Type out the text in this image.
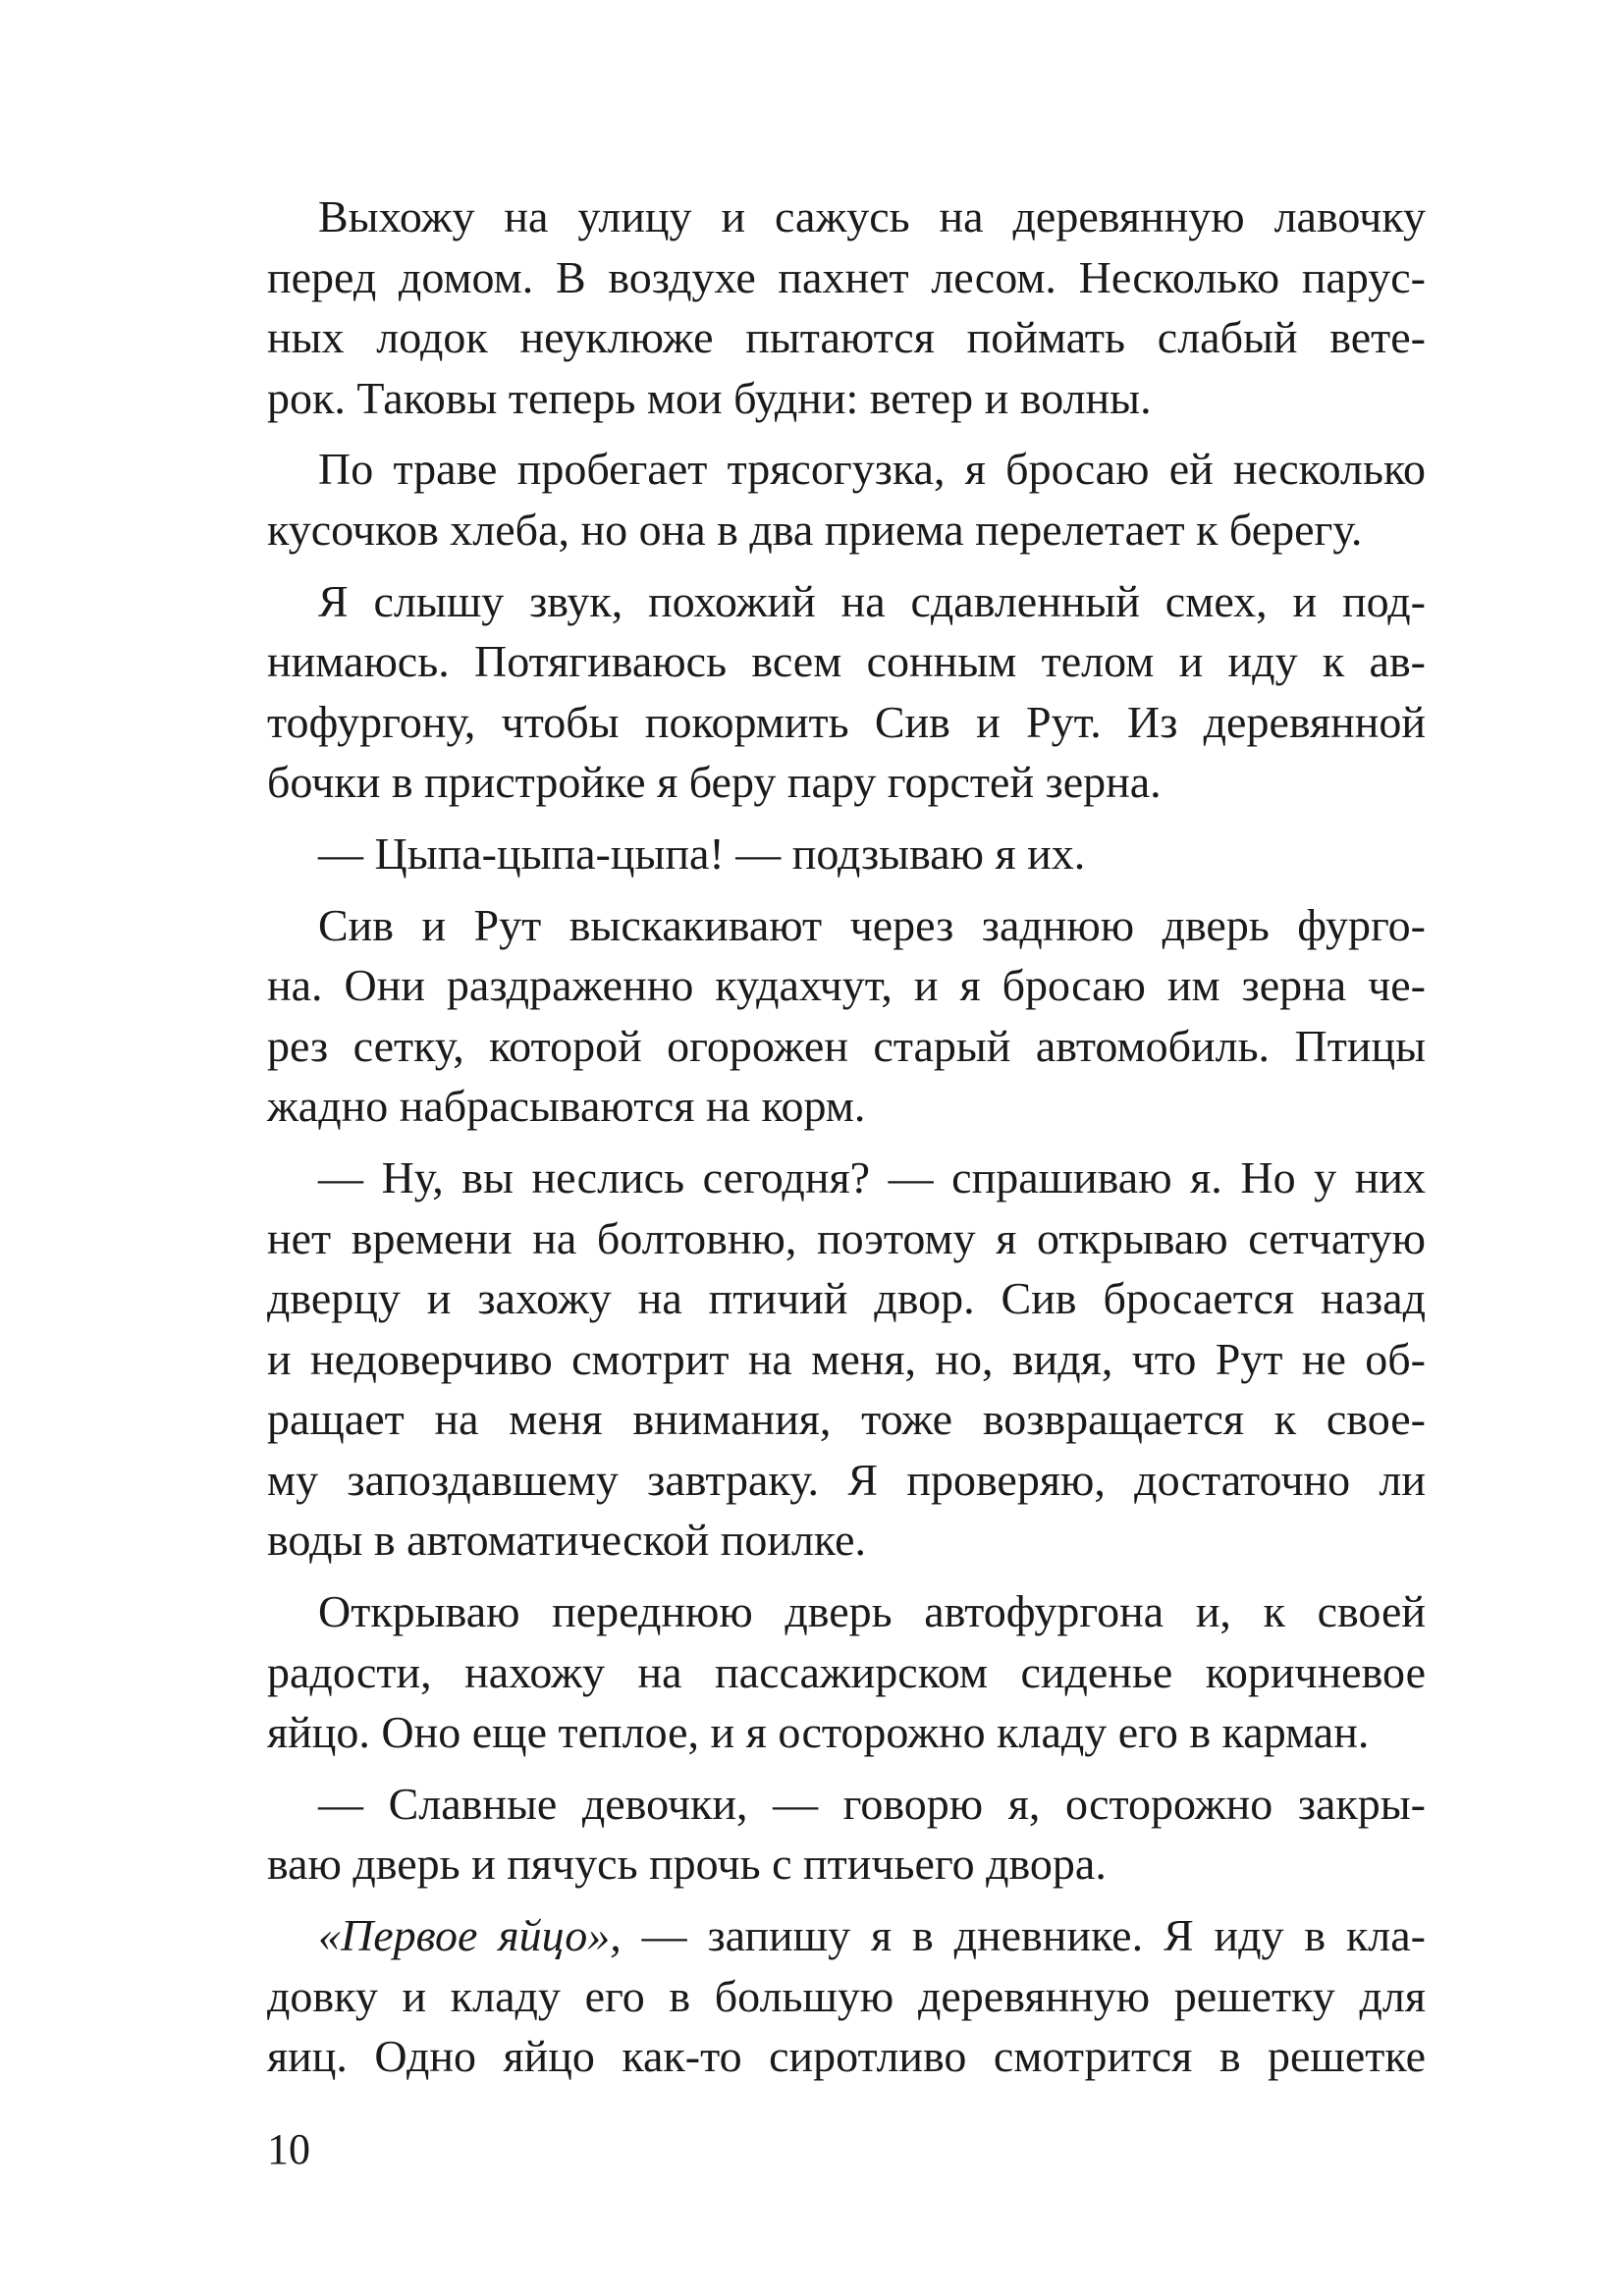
Выхожу на улицу и сажусь на деревянную лавочку
перед домом. В воздухе пахнет лесом. Несколько парус-
ных лодок неуклюже пытаются поймать слабый вете-
рок. Таковы теперь мои будни: ветер и волны.
По траве пробегает трясогузка, я бросаю ей несколько
кусочков хлеба, но она в два приема перелетает к берегу.
Я слышу звук, похожий на сдавленный смех, и под-
нимаюсь. Потягиваюсь всем сонным телом и иду к ав-
тофургону, чтобы покормить Сив и Рут. Из деревянной
бочки в пристройке я беру пару горстей зерна.
— Цыпа-цыпа-цыпа! — подзываю я их.
Сив и Рут выскакивают через заднюю дверь фурго-
на. Они раздраженно кудахчут, и я бросаю им зерна че-
рез сетку, которой огорожен старый автомобиль. Птицы
жадно набрасываются на корм.
— Ну, вы неслись сегодня? — спрашиваю я. Но у них
нет времени на болтовню, поэтому я открываю сетчатую
дверцу и захожу на птичий двор. Сив бросается назад
и недоверчиво смотрит на меня, но, видя, что Рут не об-
ращает на меня внимания, тоже возвращается к свое-
му запоздавшему завтраку. Я проверяю, достаточно ли
воды в автоматической поилке.
Открываю переднюю дверь автофургона и, к своей
радости, нахожу на пассажирском сиденье коричневое
яйцо. Оно еще теплое, и я осторожно кладу его в карман.
— Славные девочки, — говорю я, осторожно закры-
ваю дверь и пячусь прочь с птичьего двора.
«Первое яйцо», — запишу я в дневнике. Я иду в кла-
довку и кладу его в большую деревянную решетку для
яиц. Одно яйцо как-то сиротливо смотрится в решетке
10
